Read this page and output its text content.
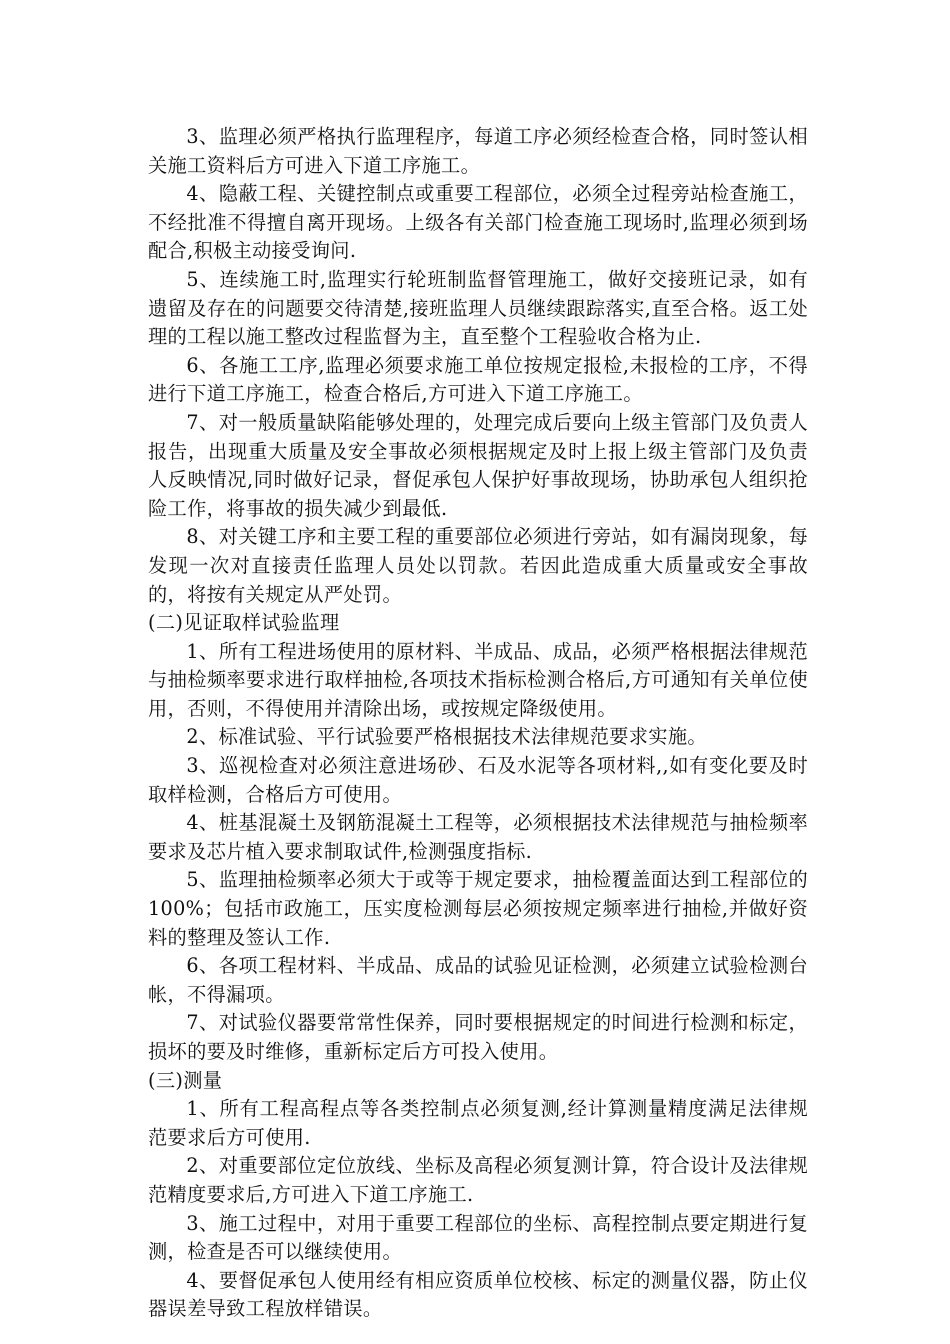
3、监理必须严格执行监理程序，每道工序必须经检查合格，同时签认相关施工资料后方可进入下道工序施工。

4、隐蔽工程、关键控制点或重要工程部位，必须全过程旁站检查施工，不经批准不得擅自离开现场。上级各有关部门检查施工现场时,监理必须到场配合,积极主动接受询问.

5、连续施工时,监理实行轮班制监督管理施工，做好交接班记录，如有遗留及存在的问题要交待清楚,接班监理人员继续跟踪落实,直至合格。返工处理的工程以施工整改过程监督为主，直至整个工程验收合格为止.

6、各施工工序,监理必须要求施工单位按规定报检,未报检的工序，不得进行下道工序施工，检查合格后,方可进入下道工序施工。

7、对一般质量缺陷能够处理的，处理完成后要向上级主管部门及负责人报告，出现重大质量及安全事故必须根据规定及时上报上级主管部门及负责人反映情况,同时做好记录，督促承包人保护好事故现场，协助承包人组织抢险工作，将事故的损失减少到最低.

8、对关键工序和主要工程的重要部位必须进行旁站，如有漏岗现象，每发现一次对直接责任监理人员处以罚款。若因此造成重大质量或安全事故的，将按有关规定从严处罚。

(二)见证取样试验监理

1、所有工程进场使用的原材料、半成品、成品，必须严格根据法律规范与抽检频率要求进行取样抽检,各项技术指标检测合格后,方可通知有关单位使用，否则，不得使用并清除出场，或按规定降级使用。

2、标准试验、平行试验要严格根据技术法律规范要求实施。

3、巡视检查对必须注意进场砂、石及水泥等各项材料,,如有变化要及时取样检测，合格后方可使用。

4、桩基混凝土及钢筋混凝土工程等，必须根据技术法律规范与抽检频率要求及芯片植入要求制取试件,检测强度指标.

5、监理抽检频率必须大于或等于规定要求，抽检覆盖面达到工程部位的100%；包括市政施工，压实度检测每层必须按规定频率进行抽检,并做好资料的整理及签认工作.

6、各项工程材料、半成品、成品的试验见证检测，必须建立试验检测台帐，不得漏项。

7、对试验仪器要常常性保养，同时要根据规定的时间进行检测和标定，损坏的要及时维修，重新标定后方可投入使用。

(三)测量

1、所有工程高程点等各类控制点必须复测,经计算测量精度满足法律规范要求后方可使用.

2、对重要部位定位放线、坐标及高程必须复测计算，符合设计及法律规范精度要求后,方可进入下道工序施工.

3、施工过程中，对用于重要工程部位的坐标、高程控制点要定期进行复测，检查是否可以继续使用。

4、要督促承包人使用经有相应资质单位校核、标定的测量仪器，防止仪器误差导致工程放样错误。
